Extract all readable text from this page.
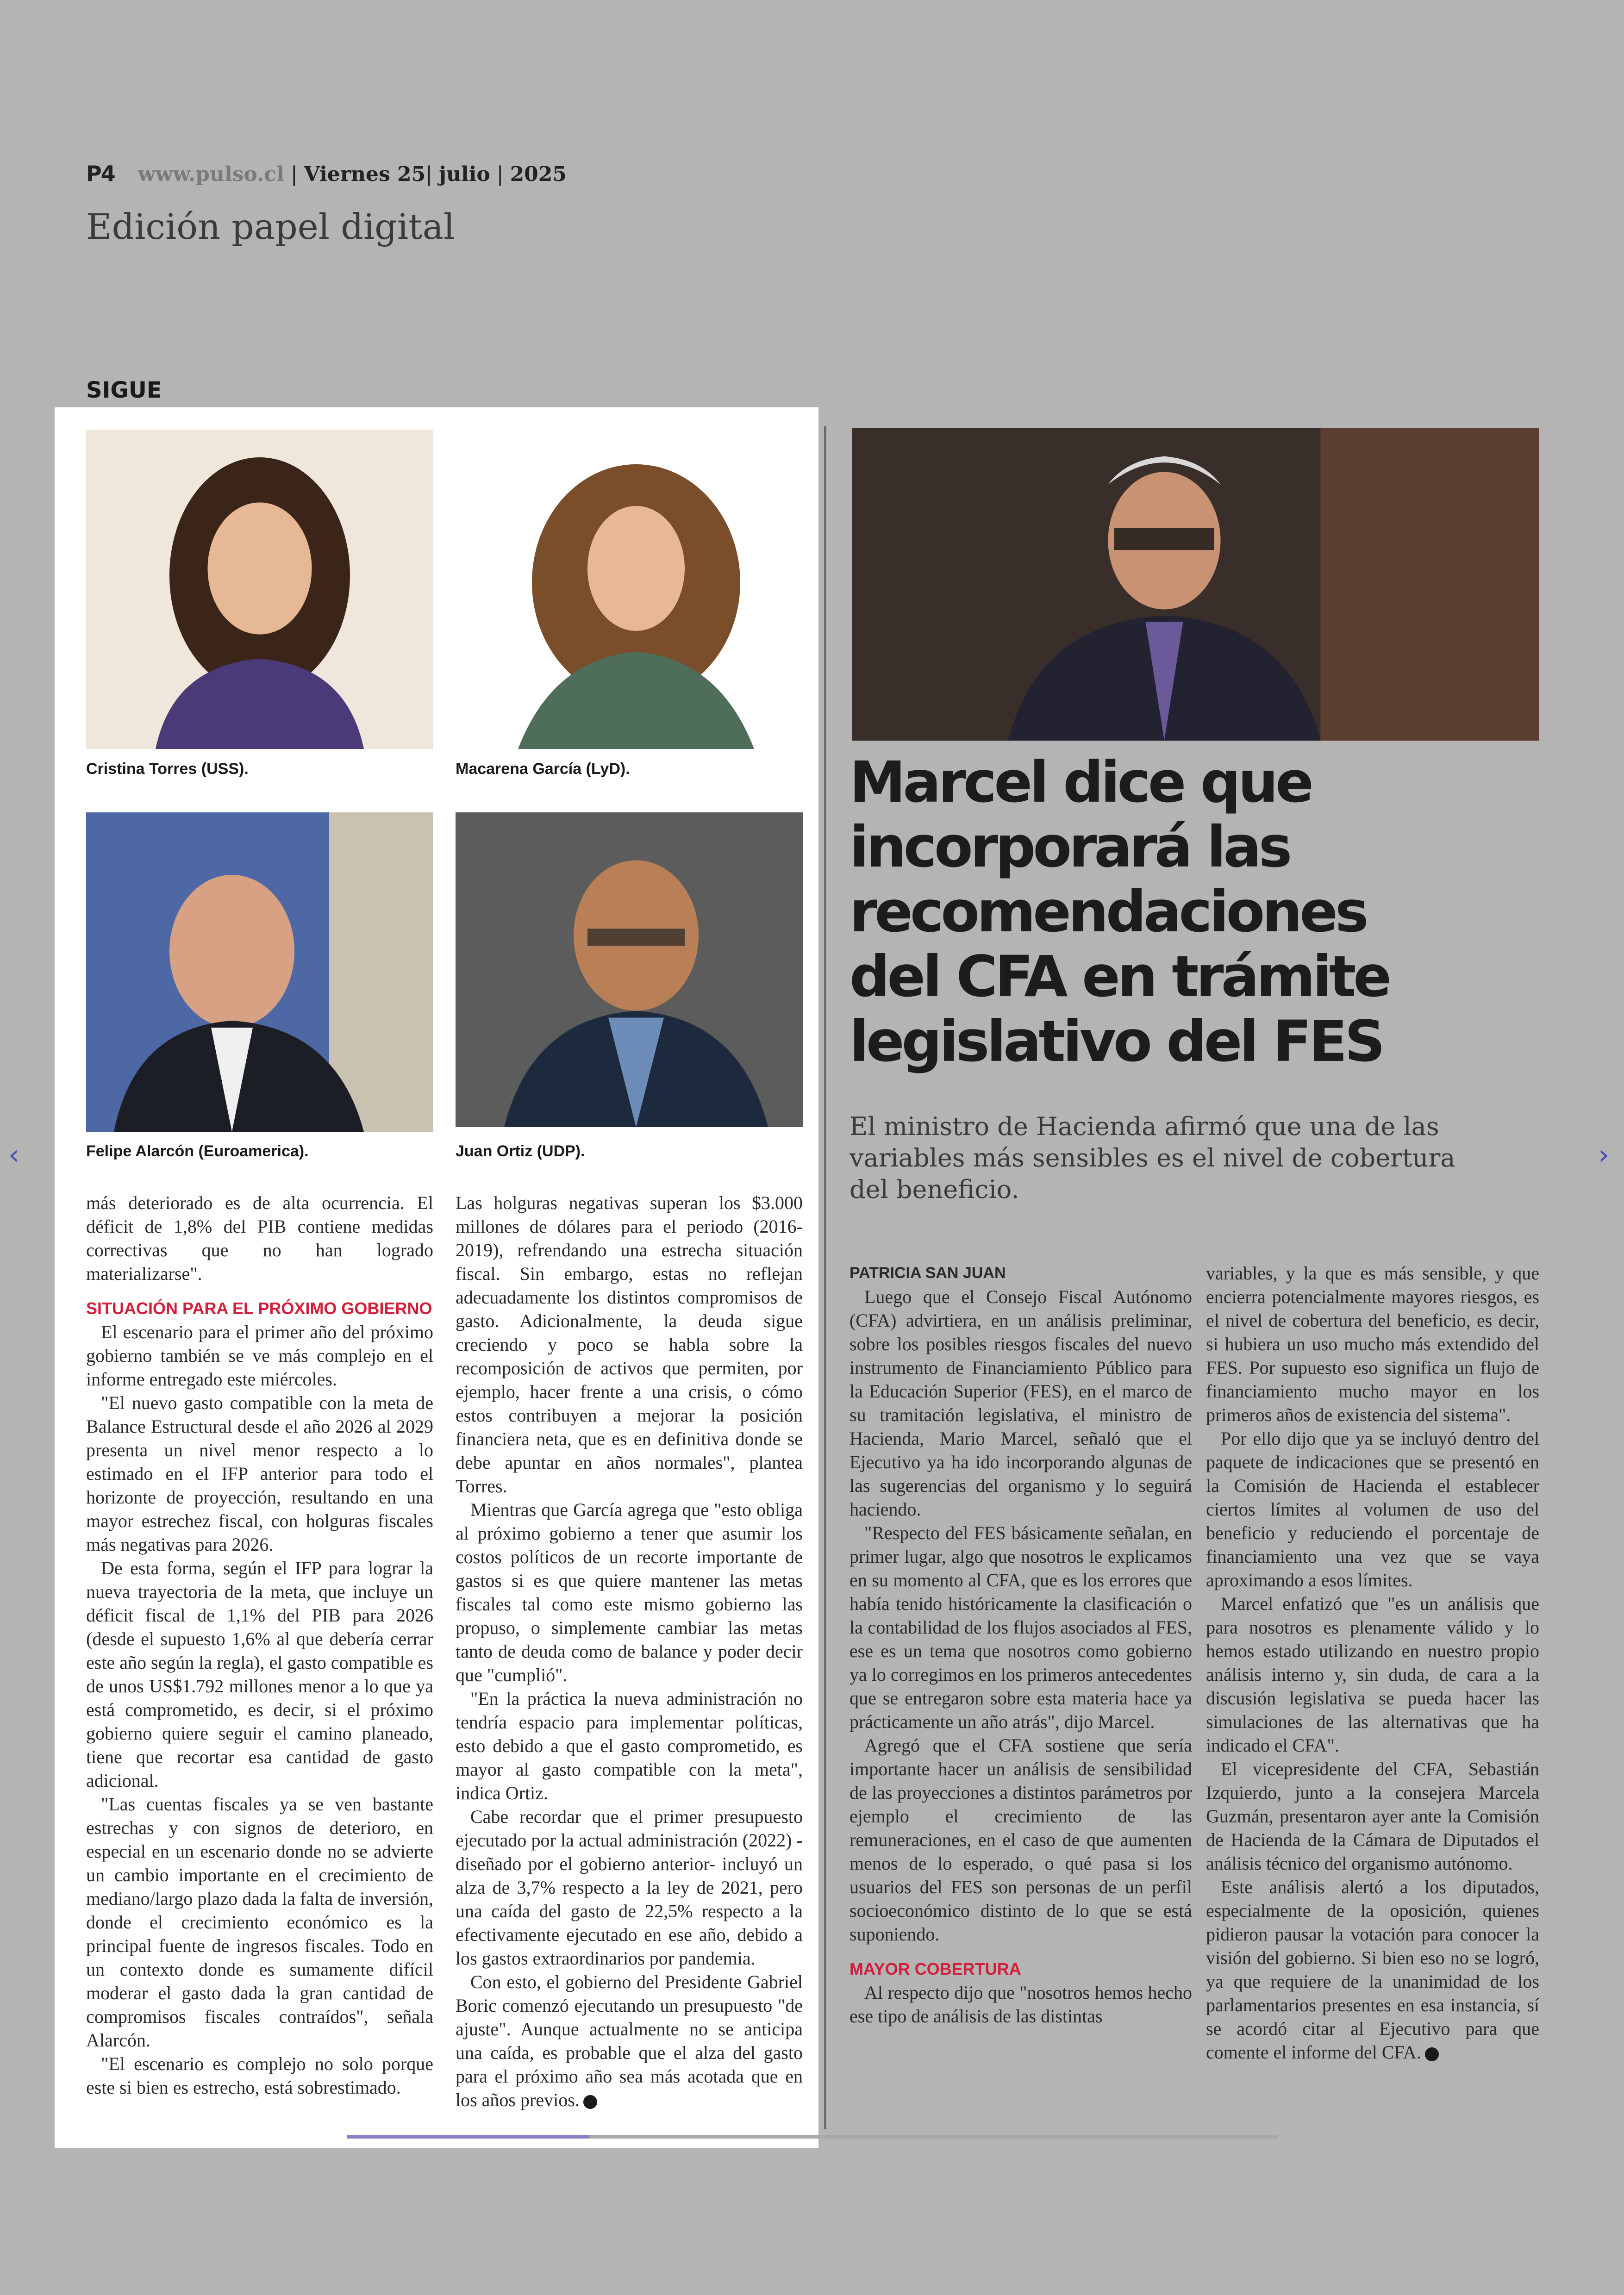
P4 www.pulso.cl | Viernes 25| julio | 2025
Edición papel digital
SIGUE
Cristina Torres (USS).	Macarena García (LyD).
Felipe Alarcón (Euroamerica).	Juan Ortiz (UDP).

más deteriorado es de alta ocurrencia. El déficit de 1,8% del PIB contiene medidas correctivas que no han logrado materializarse".

SITUACIÓN PARA EL PRÓXIMO GOBIERNO

El escenario para el primer año del próximo gobierno también se ve más complejo en el informe entregado este miércoles.

"El nuevo gasto compatible con la meta de Balance Estructural desde el año 2026 al 2029 presenta un nivel menor respecto a lo estimado en el IFP anterior para todo el horizonte de proyección, resultando en una mayor estrechez fiscal, con holguras fiscales más negativas para 2026.

De esta forma, según el IFP para lograr la nueva trayectoria de la meta, que incluye un déficit fiscal de 1,1% del PIB para 2026 (desde el supuesto 1,6% al que debería cerrar este año según la regla), el gasto compatible es de unos US$1.792 millones menor a lo que ya está comprometido, es decir, si el próximo gobierno quiere seguir el camino planeado, tiene que recortar esa cantidad de gasto adicional.

"Las cuentas fiscales ya se ven bastante estrechas y con signos de deterioro, en especial en un escenario donde no se advierte un cambio importante en el crecimiento de mediano/largo plazo dada la falta de inversión, donde el crecimiento económico es la principal fuente de ingresos fiscales. Todo en un contexto donde es sumamente difícil moderar el gasto dada la gran cantidad de compromisos fiscales contraídos", señala Alarcón.

"El escenario es complejo no solo porque este si bien es estrecho, está sobrestimado.

Las holguras negativas superan los $3.000 millones de dólares para el periodo (2016-2019), refrendando una estrecha situación fiscal. Sin embargo, estas no reflejan adecuadamente los distintos compromisos de gasto. Adicionalmente, la deuda sigue creciendo y poco se habla sobre la recomposición de activos que permiten, por ejemplo, hacer frente a una crisis, o cómo estos contribuyen a mejorar la posición financiera neta, que es en definitiva donde se debe apuntar en años normales", plantea Torres.

Mientras que García agrega que "esto obliga al próximo gobierno a tener que asumir los costos políticos de un recorte importante de gastos si es que quiere mantener las metas fiscales tal como este mismo gobierno las propuso, o simplemente cambiar las metas tanto de deuda como de balance y poder decir que "cumplió".

"En la práctica la nueva administración no tendría espacio para implementar políticas, esto debido a que el gasto comprometido, es mayor al gasto compatible con la meta", indica Ortiz.

Cabe recordar que el primer presupuesto ejecutado por la actual administración (2022) -diseñado por el gobierno anterior- incluyó un alza de 3,7% respecto a la ley de 2021, pero una caída del gasto de 22,5% respecto a la efectivamente ejecutado en ese año, debido a los gastos extraordinarios por pandemia.

Con esto, el gobierno del Presidente Gabriel Boric comenzó ejecutando un presupuesto "de ajuste". Aunque actualmente no se anticipa una caída, es probable que el alza del gasto para el próximo año sea más acotada que en los años previos.

Marcel dice que
incorporará las
recomendaciones
del CFA en trámite
legislativo del FES
El ministro de Hacienda afirmó que una de las variables más sensibles es el nivel de cobertura del beneficio.
PATRICIA SAN JUAN

Luego que el Consejo Fiscal Autónomo (CFA) advirtiera, en un análisis preliminar, sobre los posibles riesgos fiscales del nuevo instrumento de Financiamiento Público para la Educación Superior (FES), en el marco de su tramitación legislativa, el ministro de Hacienda, Mario Marcel, señaló que el Ejecutivo ya ha ido incorporando algunas de las sugerencias del organismo y lo seguirá haciendo.

"Respecto del FES básicamente señalan, en primer lugar, algo que nosotros le explicamos en su momento al CFA, que es los errores que había tenido históricamente la clasificación o la contabilidad de los flujos asociados al FES, ese es un tema que nosotros como gobierno ya lo corregimos en los primeros antecedentes que se entregaron sobre esta materia hace ya prácticamente un año atrás", dijo Marcel.

Agregó que el CFA sostiene que sería importante hacer un análisis de sensibilidad de las proyecciones a distintos parámetros por ejemplo el crecimiento de las remuneraciones, en el caso de que aumenten menos de lo esperado, o qué pasa si los usuarios del FES son personas de un perfil socioeconómico distinto de lo que se está suponiendo.

MAYOR COBERTURA

Al respecto dijo que "nosotros hemos hecho ese tipo de análisis de las distintas

variables, y la que es más sensible, y que encierra potencialmente mayores riesgos, es el nivel de cobertura del beneficio, es decir, si hubiera un uso mucho más extendido del FES. Por supuesto eso significa un flujo de financiamiento mucho mayor en los primeros años de existencia del sistema".

Por ello dijo que ya se incluyó dentro del paquete de indicaciones que se presentó en la Comisión de Hacienda el establecer ciertos límites al volumen de uso del beneficio y reduciendo el porcentaje de financiamiento una vez que se vaya aproximando a esos límites.

Marcel enfatizó que "es un análisis que para nosotros es plenamente válido y lo hemos estado utilizando en nuestro propio análisis interno y, sin duda, de cara a la discusión legislativa se pueda hacer las simulaciones de las alternativas que ha indicado el CFA".

El vicepresidente del CFA, Sebastián Izquierdo, junto a la consejera Marcela Guzmán, presentaron ayer ante la Comisión de Hacienda de la Cámara de Diputados el análisis técnico del organismo autónomo.

Este análisis alertó a los diputados, especialmente de la oposición, quienes pidieron pausar la votación para conocer la visión del gobierno. Si bien eso no se logró, ya que requiere de la unanimidad de los parlamentarios presentes en esa instancia, sí se acordó citar al Ejecutivo para que comente el informe del CFA.

‹	›
